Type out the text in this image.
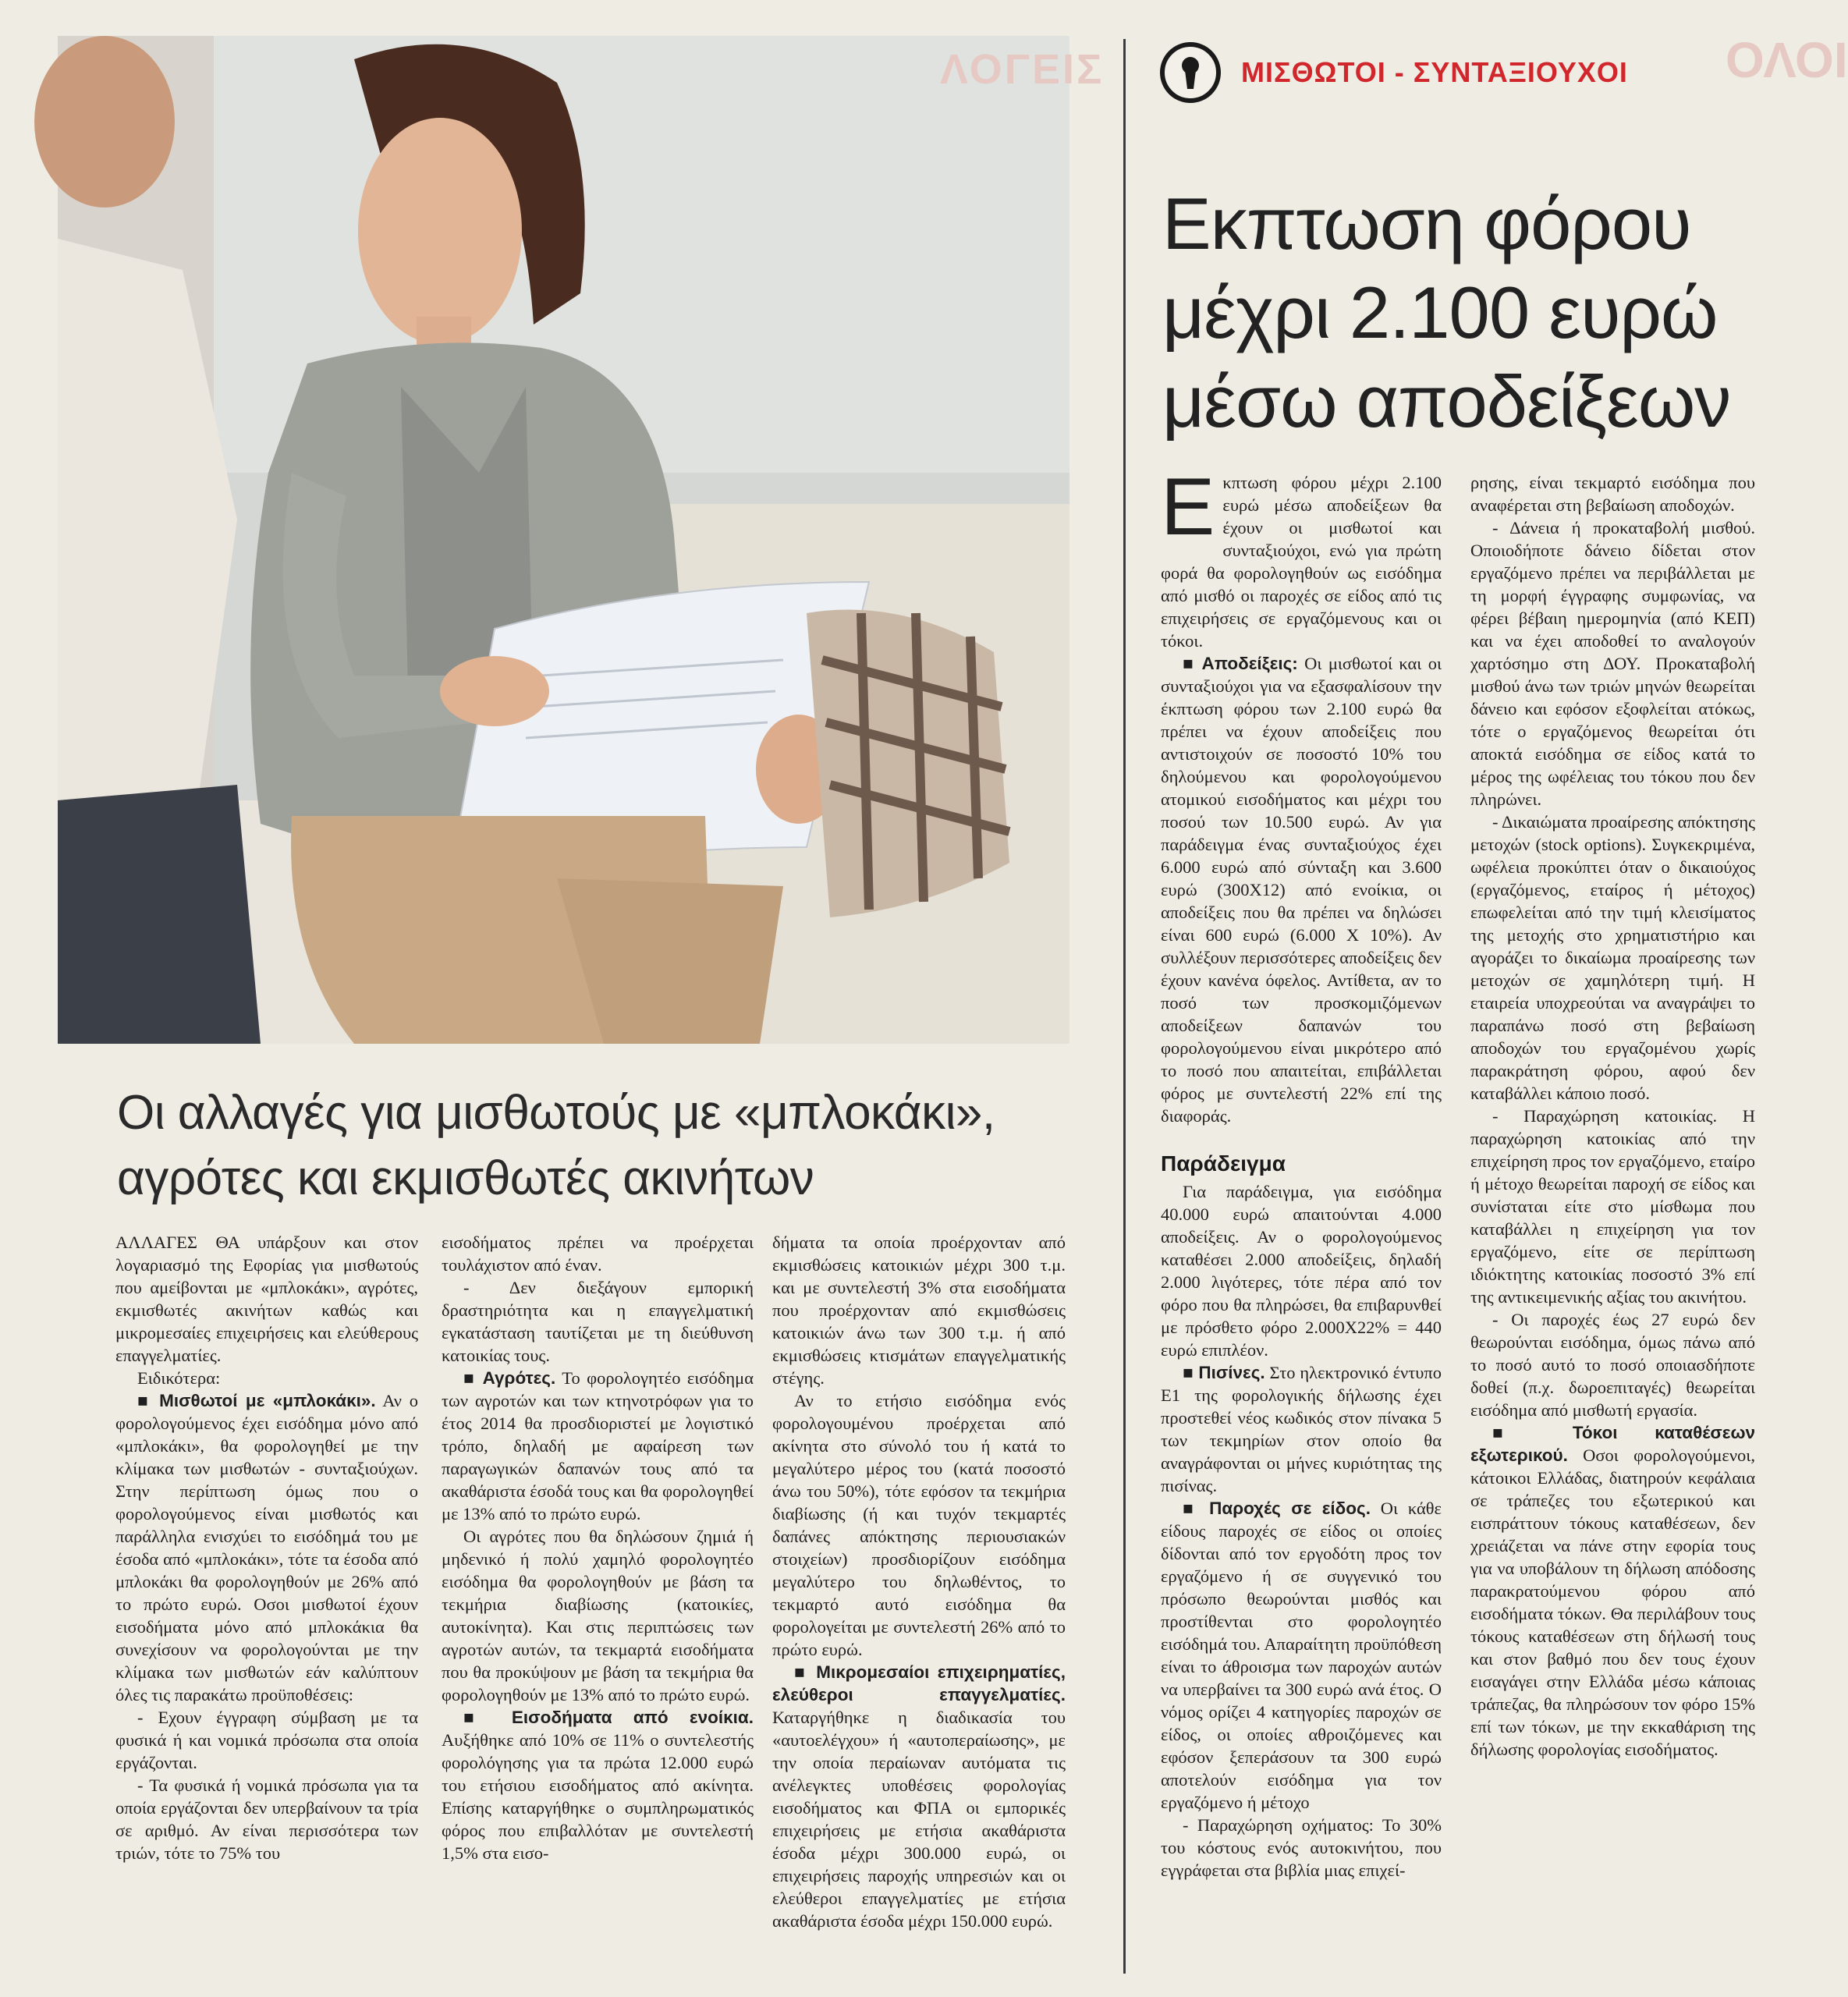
Οι αλλαγές για μισθωτούς με «μπλοκάκι»,
αγρότες και εκμισθωτές ακινήτων

ΑΛΛΑΓΕΣ ΘΑ υπάρξουν και στον λογαριασμό της Εφορίας για μισθωτούς που αμείβονται με «μπλοκάκι», αγρότες, εκμισθωτές ακινήτων καθώς και μικρομεσαίες επιχειρήσεις και ελεύθερους επαγγελματίες.

Ειδικότερα:

■ Μισθωτοί με «μπλοκάκι». Αν ο φορολογούμενος έχει εισόδημα μόνο από «μπλοκάκι», θα φορολογηθεί με την κλίμακα των μισθωτών - συνταξιούχων. Στην περίπτωση όμως που ο φορολογούμενος είναι μισθωτός και παράλληλα ενισχύει το εισόδημά του με έσοδα από «μπλοκάκι», τότε τα έσοδα από μπλοκάκι θα φορολογηθούν με 26% από το πρώτο ευρώ. Οσοι μισθωτοί έχουν εισοδήματα μόνο από μπλοκάκια θα συνεχίσουν να φορολογούνται με την κλίμακα των μισθωτών εάν καλύπτουν όλες τις παρακάτω προϋποθέσεις:

- Εχουν έγγραφη σύμβαση με τα φυσικά ή και νομικά πρόσωπα στα οποία εργάζονται.

- Τα φυσικά ή νομικά πρόσωπα για τα οποία εργάζονται δεν υπερβαίνουν τα τρία σε αριθμό. Αν είναι περισσότερα των τριών, τότε το 75% του

εισοδήματος πρέπει να προέρχεται τουλάχιστον από έναν.

- Δεν διεξάγουν εμπορική δραστηριότητα και η επαγγελματική εγκατάσταση ταυτίζεται με τη διεύθυνση κατοικίας τους.

■ Αγρότες. Το φορολογητέο εισόδημα των αγροτών και των κτηνοτρόφων για το έτος 2014 θα προσδιοριστεί με λογιστικό τρόπο, δηλαδή με αφαίρεση των παραγωγικών δαπανών τους από τα ακαθάριστα έσοδά τους και θα φορολογηθεί με 13% από το πρώτο ευρώ.

Οι αγρότες που θα δηλώσουν ζημιά ή μηδενικό ή πολύ χαμηλό φορολογητέο εισόδημα θα φορολογηθούν με βάση τα τεκμήρια διαβίωσης (κατοικίες, αυτοκίνητα). Και στις περιπτώσεις των αγροτών αυτών, τα τεκμαρτά εισοδήματα που θα προκύψουν με βάση τα τεκμήρια θα φορολογηθούν με 13% από το πρώτο ευρώ.

■ Εισοδήματα από ενοίκια. Αυξήθηκε από 10% σε 11% ο συντελεστής φορολόγησης για τα πρώτα 12.000 ευρώ του ετήσιου εισοδήματος από ακίνητα. Επίσης καταργήθηκε ο συμπληρωματικός φόρος που επιβαλλόταν με συντελεστή 1,5% στα εισο-

δήματα τα οποία προέρχονταν από εκμισθώσεις κατοικιών μέχρι 300 τ.μ. και με συντελεστή 3% στα εισοδήματα που προέρχονταν από εκμισθώσεις κατοικιών άνω των 300 τ.μ. ή από εκμισθώσεις κτισμάτων επαγγελματικής στέγης.

Αν το ετήσιο εισόδημα ενός φορολογουμένου προέρχεται από ακίνητα στο σύνολό του ή κατά το μεγαλύτερο μέρος του (κατά ποσοστό άνω του 50%), τότε εφόσον τα τεκμήρια διαβίωσης (ή και τυχόν τεκμαρτές δαπάνες απόκτησης περιουσιακών στοιχείων) προσδιορίζουν εισόδημα μεγαλύτερο του δηλωθέντος, το τεκμαρτό αυτό εισόδημα θα φορολογείται με συντελεστή 26% από το πρώτο ευρώ.

■ Μικρομεσαίοι επιχειρηματίες, ελεύθεροι επαγγελματίες. Καταργήθηκε η διαδικασία του «αυτοελέγχου» ή «αυτοπεραίωσης», με την οποία περαίωναν αυτόματα τις ανέλεγκτες υποθέσεις φορολογίας εισοδήματος και ΦΠΑ οι εμπορικές επιχειρήσεις με ετήσια ακαθάριστα έσοδα μέχρι 300.000 ευρώ, οι επιχειρήσεις παροχής υπηρεσιών και οι ελεύθεροι επαγγελματίες με ετήσια ακαθάριστα έσοδα μέχρι 150.000 ευρώ.

ΛΟΓΕΙΣ	ΟΛΟΙ
ΜΙΣΘΩΤΟΙ - ΣΥΝΤΑΞΙΟΥΧΟΙ
Εκπτωση φόρου
μέχρι 2.100 ευρώ
μέσω αποδείξεων

Εκπτωση φόρου μέχρι 2.100 ευρώ μέσω αποδείξεων θα έχουν οι μισθωτοί και συνταξιούχοι, ενώ για πρώτη φορά θα φορολογηθούν ως εισόδημα από μισθό οι παροχές σε είδος από τις επιχειρήσεις σε εργαζόμενους και οι τόκοι.

■ Αποδείξεις: Οι μισθωτοί και οι συνταξιούχοι για να εξασφαλίσουν την έκπτωση φόρου των 2.100 ευρώ θα πρέπει να έχουν αποδείξεις που αντιστοιχούν σε ποσοστό 10% του δηλούμενου και φορολογούμενου ατομικού εισοδήματος και μέχρι του ποσού των 10.500 ευρώ. Αν για παράδειγμα ένας συνταξιούχος έχει 6.000 ευρώ από σύνταξη και 3.600 ευρώ (300Χ12) από ενοίκια, οι αποδείξεις που θα πρέπει να δηλώσει είναι 600 ευρώ (6.000 Χ 10%). Αν συλλέξουν περισσότερες αποδείξεις δεν έχουν κανένα όφελος. Αντίθετα, αν το ποσό των προσκομιζόμενων αποδείξεων δαπανών του φορολογούμενου είναι μικρότερο από το ποσό που απαιτείται, επιβάλλεται φόρος με συντελεστή 22% επί της διαφοράς.

Παράδειγμα

Για παράδειγμα, για εισόδημα 40.000 ευρώ απαιτούνται 4.000 αποδείξεις. Αν ο φορολογούμενος καταθέσει 2.000 αποδείξεις, δηλαδή 2.000 λιγότερες, τότε πέρα από τον φόρο που θα πληρώσει, θα επιβαρυνθεί με πρόσθετο φόρο 2.000Χ22% = 440 ευρώ επιπλέον.

■ Πισίνες. Στο ηλεκτρονικό έντυπο Ε1 της φορολογικής δήλωσης έχει προστεθεί νέος κωδικός στον πίνακα 5 των τεκμηρίων στον οποίο θα αναγράφονται οι μήνες κυριότητας της πισίνας.

■ Παροχές σε είδος. Οι κάθε είδους παροχές σε είδος οι οποίες δίδονται από τον εργοδότη προς τον εργαζόμενο ή σε συγγενικό του πρόσωπο θεωρούνται μισθός και προστίθενται στο φορολογητέο εισόδημά του. Απαραίτητη προϋπόθεση είναι το άθροισμα των παροχών αυτών να υπερβαίνει τα 300 ευρώ ανά έτος. Ο νόμος ορίζει 4 κατηγορίες παροχών σε είδος, οι οποίες αθροιζόμενες και εφόσον ξεπεράσουν τα 300 ευρώ αποτελούν εισόδημα για τον εργαζόμενο ή μέτοχο

- Παραχώρηση οχήματος: Το 30% του κόστους ενός αυτοκινήτου, που εγγράφεται στα βιβλία μιας επιχεί-

ρησης, είναι τεκμαρτό εισόδημα που αναφέρεται στη βεβαίωση αποδοχών.

- Δάνεια ή προκαταβολή μισθού. Οποιοδήποτε δάνειο δίδεται στον εργαζόμενο πρέπει να περιβάλλεται με τη μορφή έγγραφης συμφωνίας, να φέρει βέβαιη ημερομηνία (από ΚΕΠ) και να έχει αποδοθεί το αναλογούν χαρτόσημο στη ΔΟΥ. Προκαταβολή μισθού άνω των τριών μηνών θεωρείται δάνειο και εφόσον εξοφλείται ατόκως, τότε ο εργαζόμενος θεωρείται ότι αποκτά εισόδημα σε είδος κατά το μέρος της ωφέλειας του τόκου που δεν πληρώνει.

- Δικαιώματα προαίρεσης απόκτησης μετοχών (stock options). Συγκεκριμένα, ωφέλεια προκύπτει όταν ο δικαιούχος (εργαζόμενος, εταίρος ή μέτοχος) επωφελείται από την τιμή κλεισίματος της μετοχής στο χρηματιστήριο και αγοράζει το δικαίωμα προαίρεσης των μετοχών σε χαμηλότερη τιμή. Η εταιρεία υποχρεούται να αναγράψει το παραπάνω ποσό στη βεβαίωση αποδοχών του εργαζομένου χωρίς παρακράτηση φόρου, αφού δεν καταβάλλει κάποιο ποσό.

- Παραχώρηση κατοικίας. Η παραχώρηση κατοικίας από την επιχείρηση προς τον εργαζόμενο, εταίρο ή μέτοχο θεωρείται παροχή σε είδος και συνίσταται είτε στο μίσθωμα που καταβάλλει η επιχείρηση για τον εργαζόμενο, είτε σε περίπτωση ιδιόκτητης κατοικίας ποσοστό 3% επί της αντικειμενικής αξίας του ακινήτου.

- Οι παροχές έως 27 ευρώ δεν θεωρούνται εισόδημα, όμως πάνω από το ποσό αυτό το ποσό οποιασδήποτε δοθεί (π.χ. δωροεπιταγές) θεωρείται εισόδημα από μισθωτή εργασία.

■ Τόκοι καταθέσεων εξωτερικού. Οσοι φορολογούμενοι, κάτοικοι Ελλάδας, διατηρούν κεφάλαια σε τράπεζες του εξωτερικού και εισπράττουν τόκους καταθέσεων, δεν χρειάζεται να πάνε στην εφορία τους για να υποβάλουν τη δήλωση απόδοσης παρακρατούμενου φόρου από εισοδήματα τόκων. Θα περιλάβουν τους τόκους καταθέσεων στη δήλωσή τους και στον βαθμό που δεν τους έχουν εισαγάγει στην Ελλάδα μέσω κάποιας τράπεζας, θα πληρώσουν τον φόρο 15% επί των τόκων, με την εκκαθάριση της δήλωσης φορολογίας εισοδήματος.
